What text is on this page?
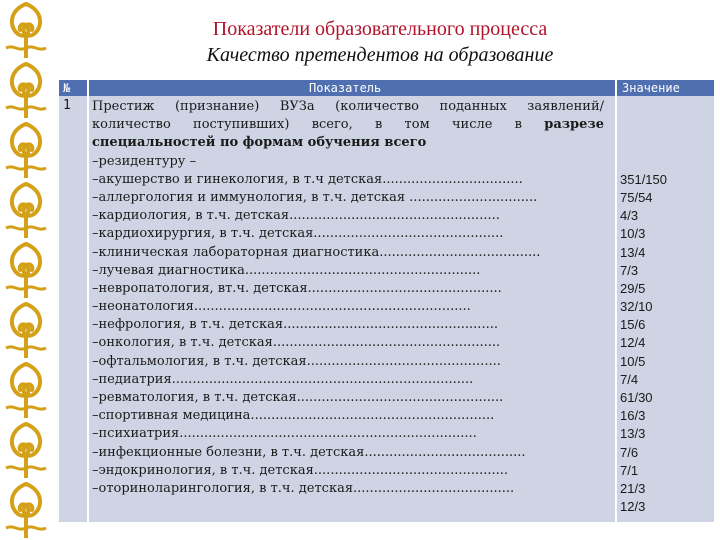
Показатели образовательного процесса
Качество претендентов на образование
№	Показатель	Значение
1 Престиж (признание) ВУЗа (количество поданных заявлений/ количество поступивших) всего, в том числе в разрезе специальностей по формам обучения всего
–резидентуру –
–акушерство и гинекология, в т.ч детская..................................
–аллергология и иммунология, в т.ч. детская ...............................
–кардиология, в т.ч. детская...................................................
–кардиохирургия, в т.ч. детская..............................................
–клиническая лабораторная диагностика.......................................
–лучевая диагностика.........................................................
–невропатология, вт.ч. детская...............................................
–неонатология...................................................................
–нефрология, в т.ч. детская....................................................
–онкология, в т.ч. детская.......................................................
–офтальмология, в т.ч. детская...............................................
–педиатрия.........................................................................
–ревматология, в т.ч. детская..................................................
–спортивная медицина...........................................................
–психиатрия........................................................................
–инфекционные болезни, в т.ч. детская.......................................
–эндокринология, в т.ч. детская...............................................
–оториноларингология, в т.ч. детская.......................................
351/150
75/54
4/3
10/3
13/4
7/3
29/5
32/10
15/6
12/4
10/5
7/4
61/30
16/3
13/3
7/6
7/1
21/3
12/3
